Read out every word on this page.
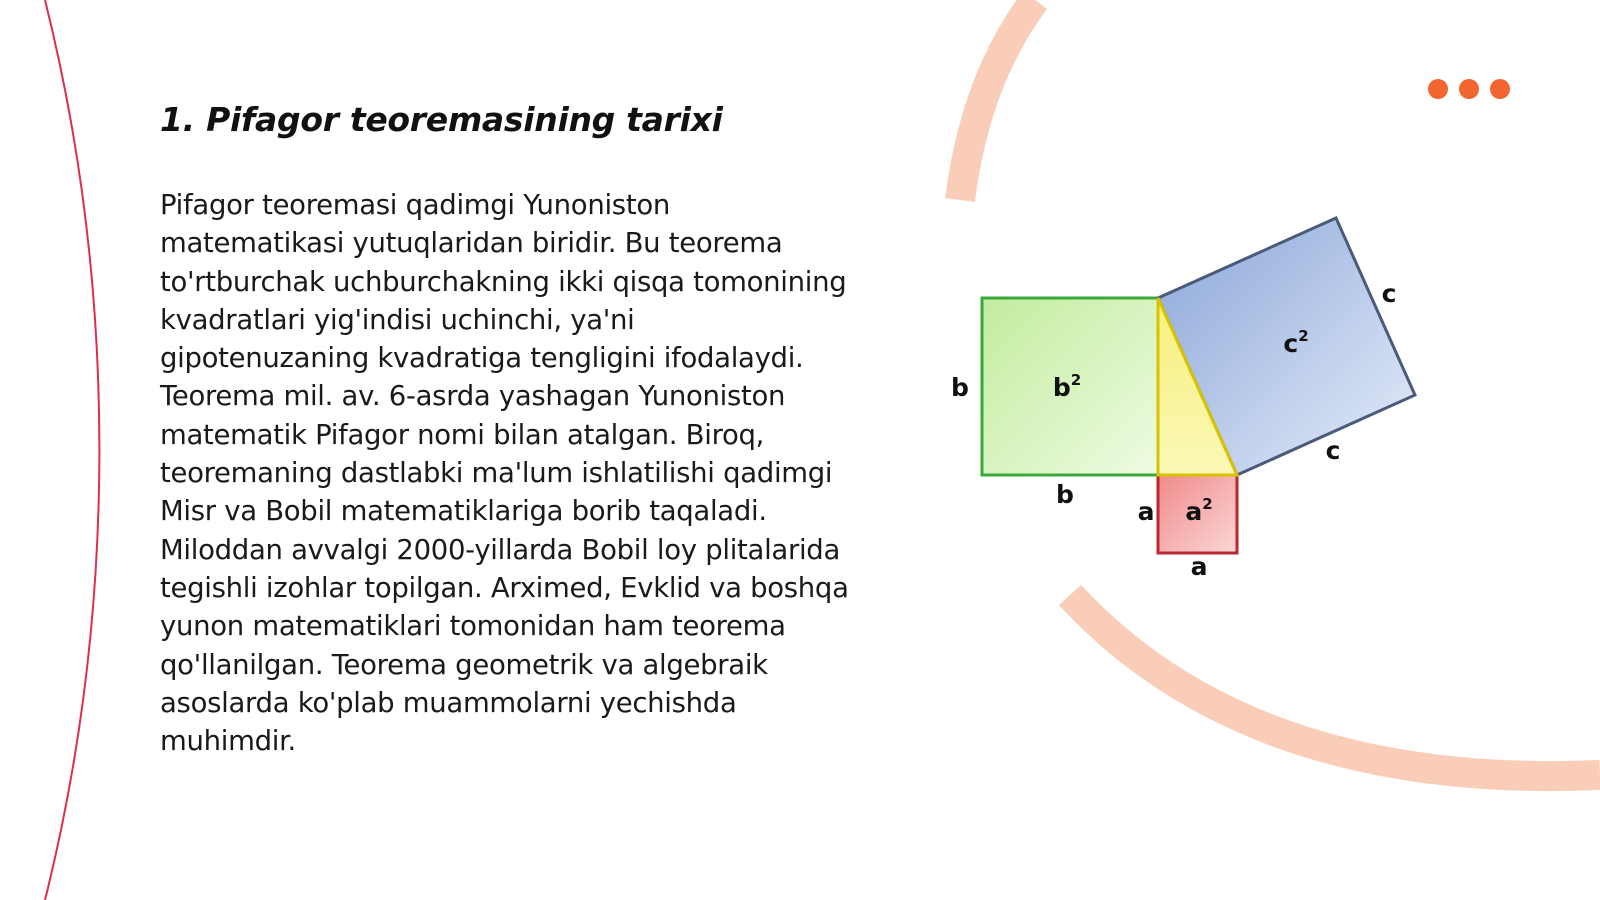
1. Pifagor teoremasining tarixi

Pifagor teoremasi qadimgi Yunoniston matematikasi yutuqlaridan biridir. Bu teorema to'rtburchak uchburchakning ikki qisqa tomonining kvadratlari yig'indisi uchinchi, ya'ni gipotenuzaning kvadratiga tengligini ifodalaydi. Teorema mil. av. 6-asrda yashagan Yunoniston matematik Pifagor nomi bilan atalgan. Biroq, teoremaning dastlabki ma'lum ishlatilishi qadimgi Misr va Bobil matematiklariga borib taqaladi. Miloddan avvalgi 2000-yillarda Bobil loy plitalarida tegishli izohlar topilgan. Arximed, Evklid va boshqa yunon matematiklari tomonidan ham teorema qo'llanilgan. Teorema geometrik va algebraik asoslarda ko'plab muammolarni yechishda muhimdir.

b
b
$b^2$
$c^2$
c
c
a $a^2$
a
